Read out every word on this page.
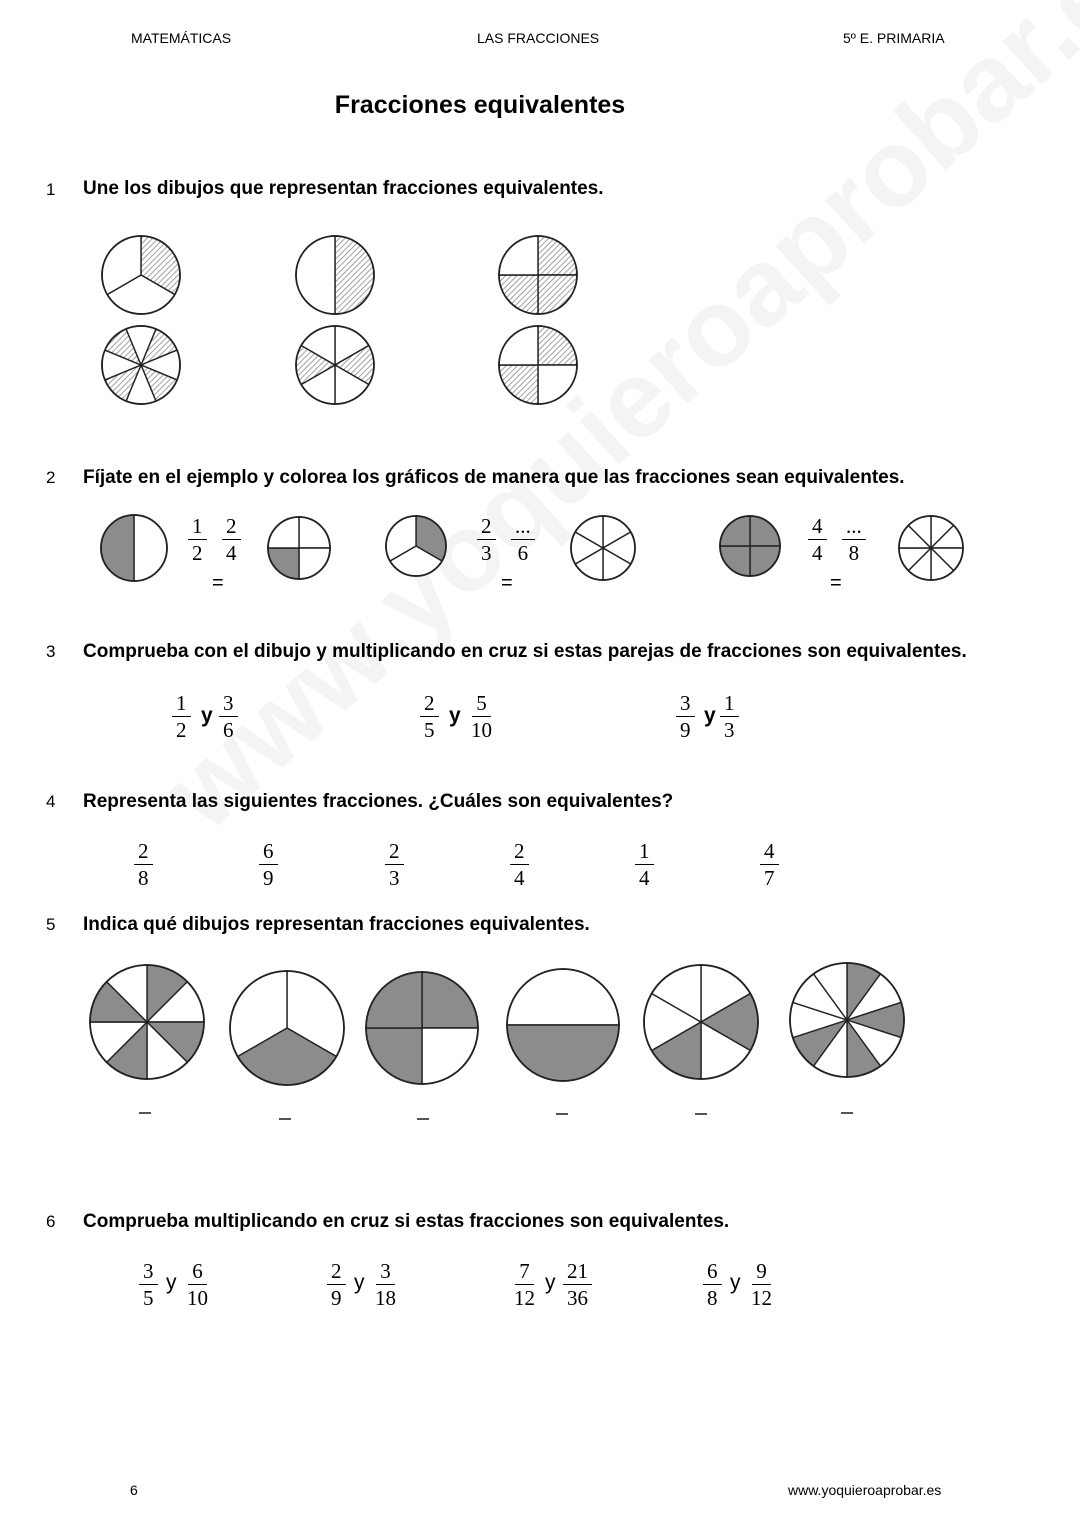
MATEMÁTICAS	LAS FRACCIONES	5º E. PRIMARIA
Fracciones equivalentes
1 Une los dibujos que representan fracciones equivalentes.
2 Fíjate en el ejemplo y colorea los gráficos de manera que las fracciones sean equivalentes.
$\frac{1}{2} \frac{2}{4}$
=
$\frac{2}{3}$ ...
6
=
$\frac{4}{4}$ ...
8
=
3 Comprueba con el dibujo y multiplicando en cruz si estas parejas de fracciones son equivalentes.
$\frac{1}{2}$ y $\frac{3}{6}$	$\frac{2}{5}$ y $\frac{5}{10}$	$\frac{3}{9}$ y $\frac{1}{3}$
4 Representa las siguientes fracciones. ¿Cuáles son equivalentes?
$\frac{2}{8}$	$\frac{6}{9}$	$\frac{2}{3}$	$\frac{2}{4}$	$\frac{1}{4}$	$\frac{4}{7}$
5 Indica qué dibujos representan fracciones equivalentes.
6 Comprueba multiplicando en cruz si estas fracciones son equivalentes.
$\frac{3}{5}$ y $\frac{6}{10}$	$\frac{2}{9}$ y $\frac{3}{18}$	$\frac{7}{12}$ y $\frac{21}{36}$	$\frac{6}{8}$ y $\frac{9}{12}$
6	www.yoquieroaprobar.es
